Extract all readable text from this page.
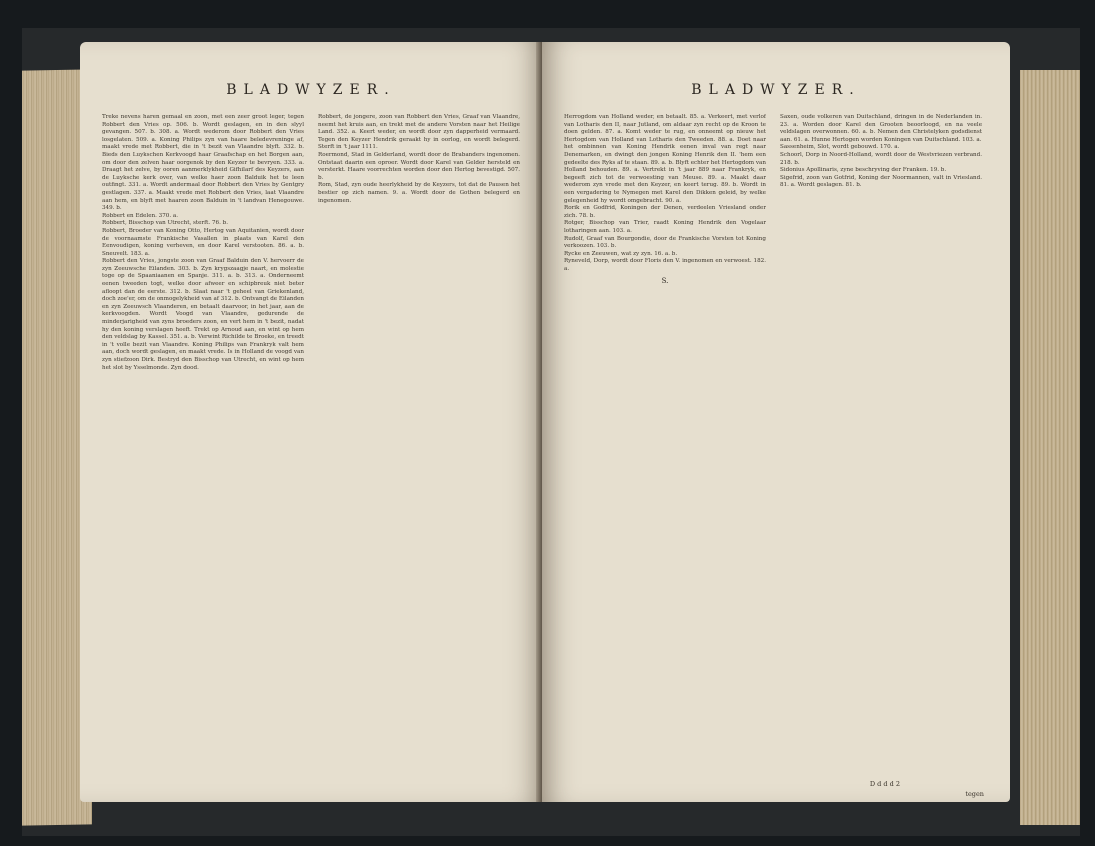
BLADWYZER.

Treke nevens haren gemaal en zoon, met een zeer groot leger, tegen Robbert den Vries op. 506. b. Wordt geslagen, en in den slyyl gevangen. 507. b. 308. a. Wordt wederom door Robbert den Vries losgelaten. 509. a. Koning Philips zyn van haare beledevreninge af, maakt vrede met Robbert, die in 't bezit van Vlaandre blyft. 332. b. Bieds den Luykschen Kerkvoogd haar Graafschap en het Borgen aan, om door den zelven haar oorgenok by den Keyzer te bevryen. 333. a. Draagt het zelve, by ooren aanmerklykheid Gifhilarf des Keyzers, aan de Luyksche kerk over, van welke haer zoon Balduik het te leen outfingt. 331. a. Wordt andermaal door Robbert den Vries by Gentgry gestlagen. 337. a. Maakt vrede met Robbert den Vries, laat Vlaandre aan hem, en blyft met haaren zoon Balduin in 't landvan Henegouwe. 349. b.

Robbert en Edelen. 370. a.

Robbert, Bisschop van Utrecht, sterft. 76. b.

Robbert, Broeder van Koning Otto, Hertog van Aquitanien, wordt door de voornaamste Frankische Vasallen in plaats van Karel den Eenvoudigen, koning verheven, en door Karel verstooten. 86. a. b. Sneuvelt. 183. a.

Robbert den Vries, jongste zoon van Graaf Balduin den V. hervoerr de zyn Zeeuwsche Eilanden. 303. b. Zyn krygszaagje naart, en molestie toge op de Spaaniaanen en Spanje. 311. a. b. 313. a. Onderneemt eenen tweeden togt, welke door afweer en schipbreuk niet beter afloopt dan de eerste. 312. b. Slaat naar 't geheel van Griekenland, doch zoe'er, om de onmogelykheid van af 312. b. Ontvangt de Eilanden en zyn Zeeuwsch Vlaanderen, en betaalt daarvoor, in het jaar, aan de kerkvoogden. Wordt Voogd van Vlaandre, gedurende de minderjarigheid van zyns broeders zoon, en vert hem in 't bezit, nadat hy den koning verslagen heeft. Trekt op Arnoud aan, en wint op hem den veldslag by Kassel. 351. a. b. Verwint Richilde te Broeke, en treedt in 't volle bezit van Vlaandre. Koning Philips van Frankryk valt hem aan, doch wordt geslagen, en maakt vrede. Is in Holland de voogd van zyn stiefzoon Dirk. Bestryd den Bisschop van Utrecht, en wint op hem het slot by Ysselmonde. Zyn dood.

Robbert, de jongere, zoon van Robbert den Vries, Graaf van Vlaandre, neemt het kruis aan, en trekt met de andere Vorsten naar het Heilige Land. 352. a. Keert weder, en wordt door zyn dapperheid vermaard. Tegen den Keyzer Hendrik geraakt hy in oorlog, en wordt belegerd. Sterft in 't jaar 1111.

Roermond, Stad in Gelderland, wordt door de Brabanders ingenomen. Ontstaat daarin een oproer. Wordt door Karel van Gelder hersteld en versterkt. Haare voorrechten worden door den Hertog bevestigd. 507. b.

Rom, Stad, zyn oude heerlykheid by de Keyzers, tot dat de Pausen het bestier op zich namen. 9. a. Wordt door de Gothen belegerd en ingenomen.

BLADWYZER.

Herrogdom van Holland weder, en betaalt. 85. a. Verkeert, met verlof van Lotharis den II, naar Jutland, om aldaar zyn recht op de Kroon te doen gelden. 87. a. Komt weder te rug, en onneemt op nieuw het Hertogdom van Holland van Lotharis den Tweeden. 88. a. Doet naar het ombinnen van Koning Hendrik eenen inval van regt naar Denemarken, en dwingt den jongen Koning Henrik den II. 'hem een gedeelte des Ryks af te staan. 89. a. b. Blyft echter het Hertogdom van Holland behouden. 89. a. Vertrekt in 't jaar 889 naar Frankryk, en begeeft zich tot de verwoesting van Meuse. 89. a. Maakt daar wederom zyn vrede met den Keyzer, en keert terug. 89. b. Wordt in een vergadering te Nymegen met Karel den Dikken geleid, by welke gelegenheid hy wordt omgebracht. 90. a.

Rorik en Godfrid, Koningen der Denen, verdeelen Vriesland onder zich. 78. b.

Rotger, Bisschop van Trier, raadt Koning Hendrik den Vogelaar lotharingen aan. 103. a.

Rudolf, Graaf van Bourgondie, door de Frankische Vorsten tot Koning verkoozen. 103. b.

Rycke en Zeeuwen, wat zy zyn. 16. a. b.

Ryneveld, Dorp, wordt door Floris den V. ingenomen en verwoest. 182. a.

S.

Saxen, oude volkeren van Duitschland, dringen in de Nederlanden in. 23. a. Worden door Karel den Grooten beoorloogd, en na veele veldslagen overwonnen. 60. a. b. Nemen den Christelyken godsdienst aan. 61. a. Hunne Hertogen worden Koningen van Duitschland. 103. a.

Sassenheim, Slot, wordt gebouwd. 170. a.

Schoorl, Dorp in Noord-Holland, wordt door de Westvriezen verbrand. 218. b.

Sidonius Apollinaris, zyne beschryving der Franken. 19. b.

Sigefrid, zoon van Gotfrid, Koning der Noormannen, valt in Vriesland. 81. a. Wordt geslagen. 81. b.

D d d d 2
tegen
